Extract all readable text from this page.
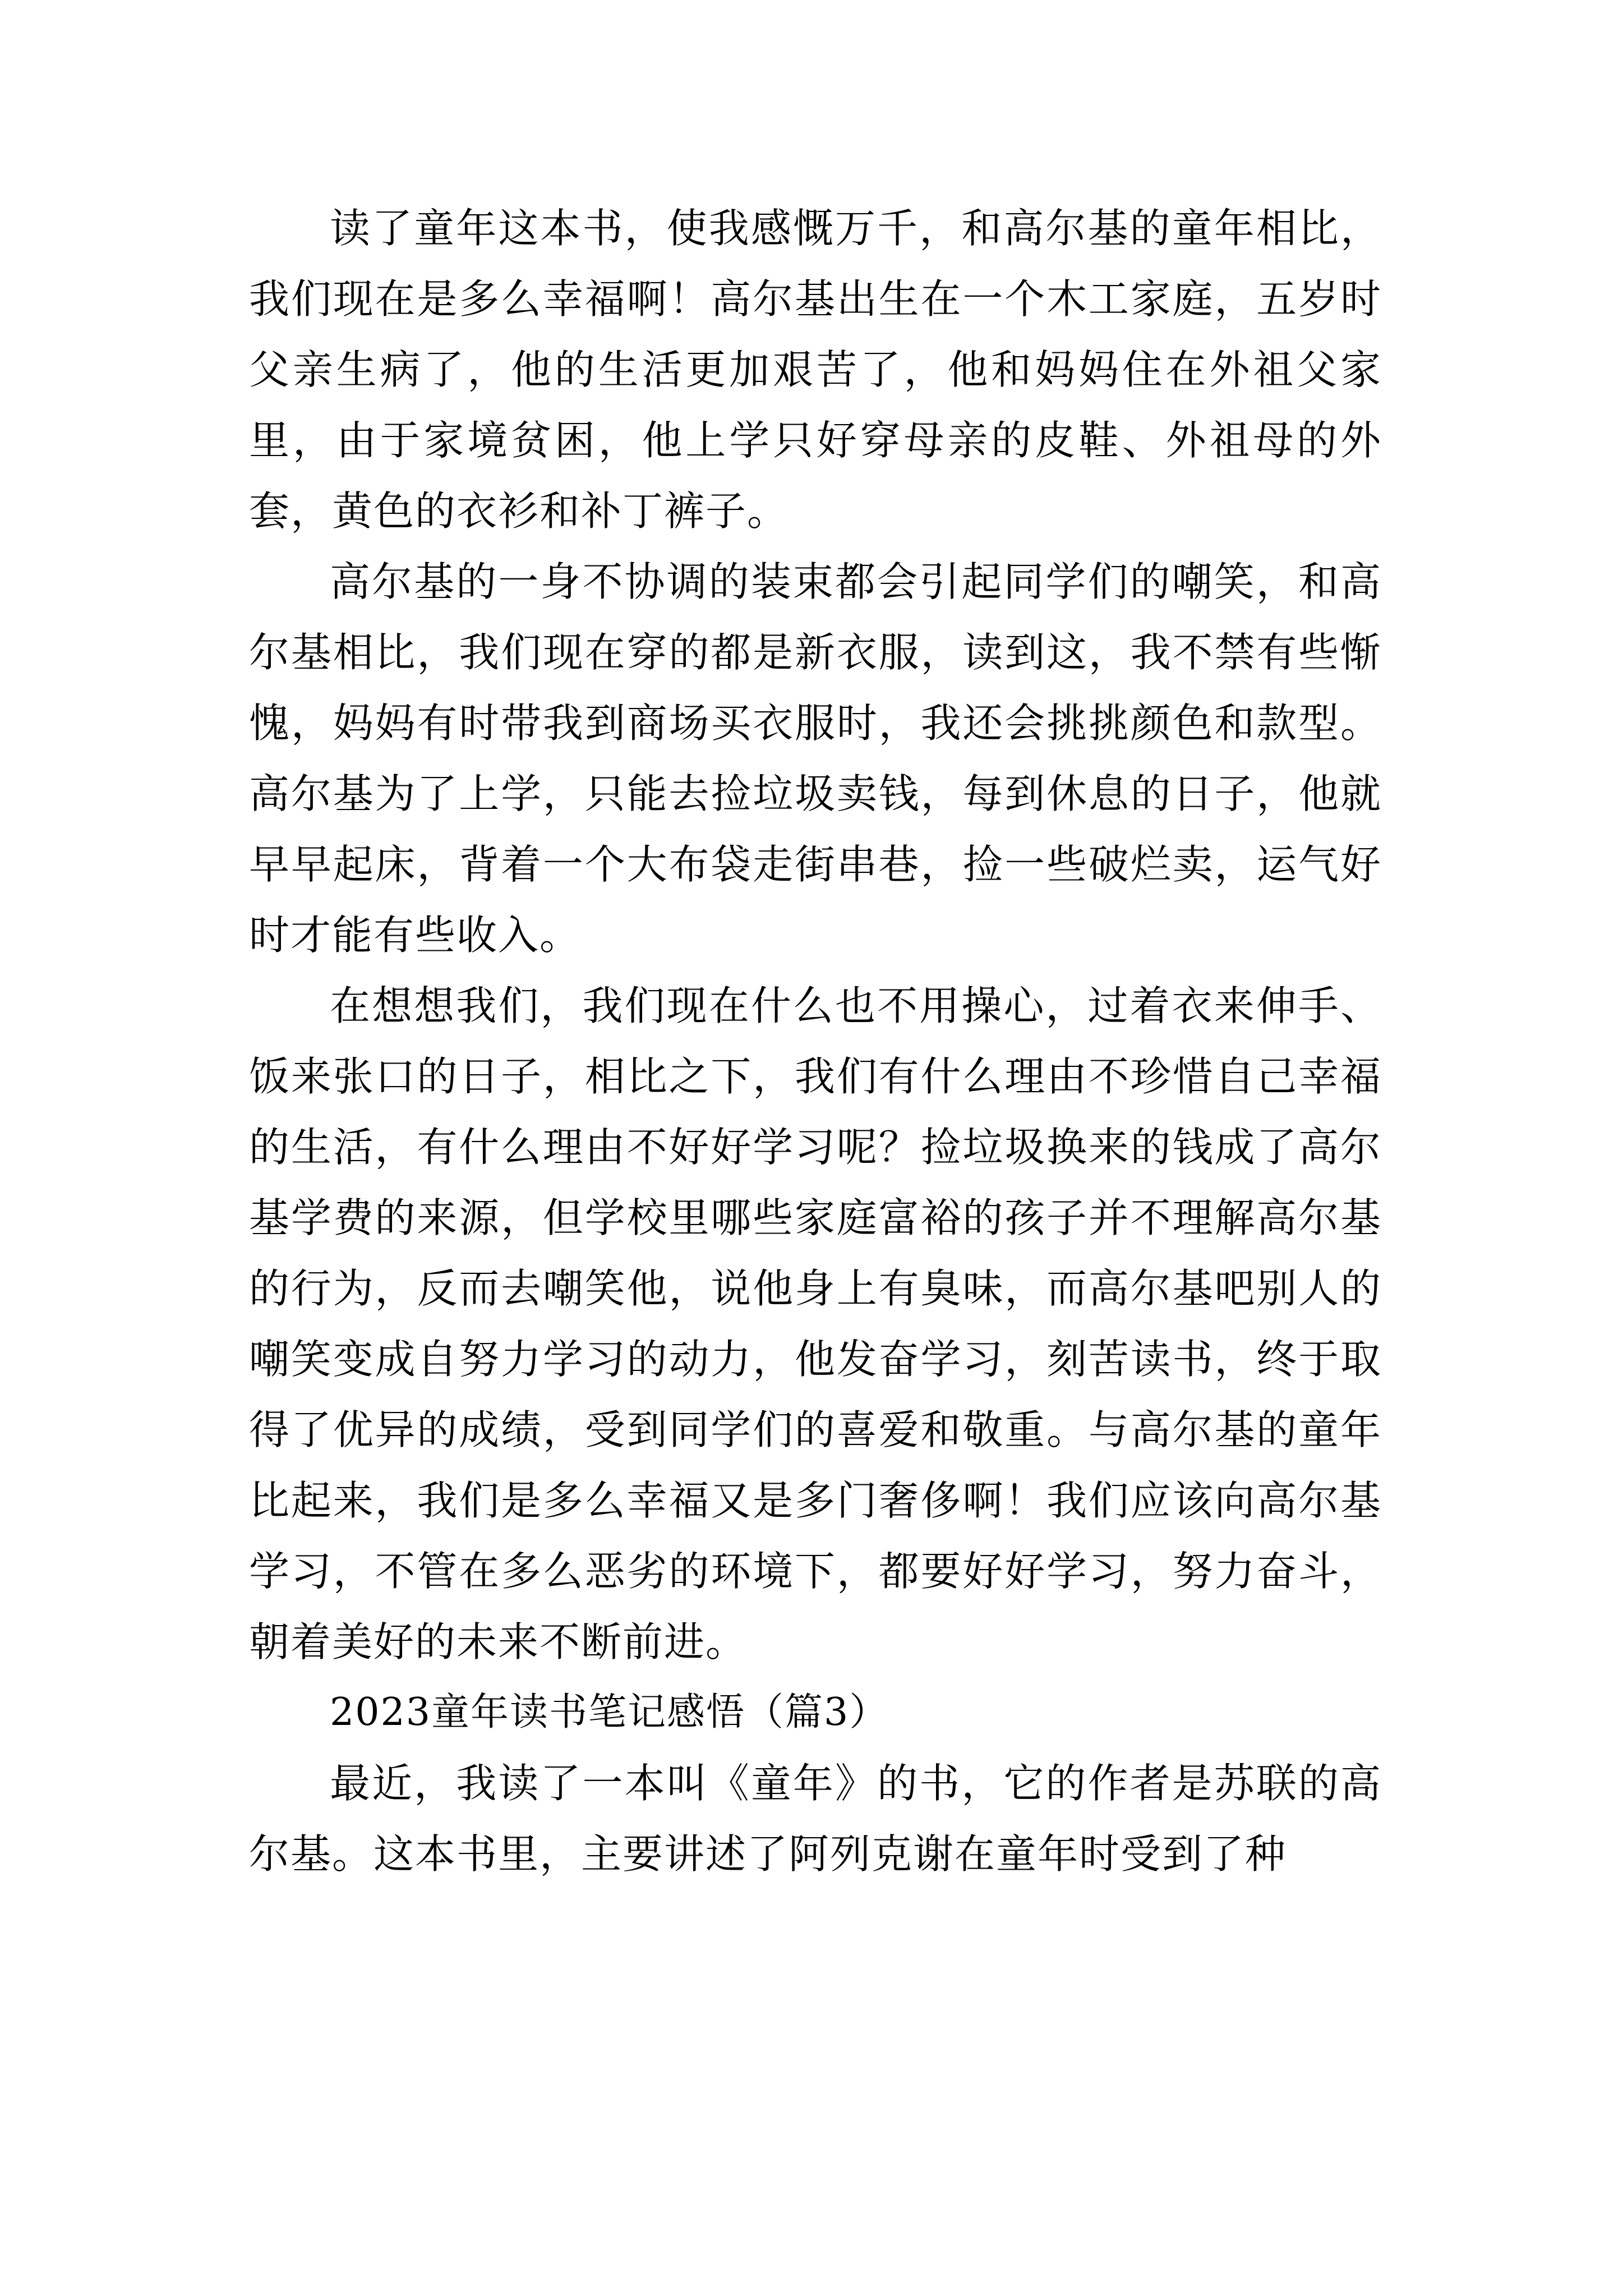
读了童年这本书，使我感慨万千，和高尔基的童年相比，我们现在是多么幸福啊！高尔基出生在一个木工家庭，五岁时父亲生病了，他的生活更加艰苦了，他和妈妈住在外祖父家里，由于家境贫困，他上学只好穿母亲的皮鞋、外祖母的外套，黄色的衣衫和补丁裤子。

高尔基的一身不协调的装束都会引起同学们的嘲笑，和高尔基相比，我们现在穿的都是新衣服，读到这，我不禁有些惭愧，妈妈有时带我到商场买衣服时，我还会挑挑颜色和款型。高尔基为了上学，只能去捡垃圾卖钱，每到休息的日子，他就早早起床，背着一个大布袋走街串巷，捡一些破烂卖，运气好时才能有些收入。

在想想我们，我们现在什么也不用操心，过着衣来伸手、饭来张口的日子，相比之下，我们有什么理由不珍惜自己幸福的生活，有什么理由不好好学习呢？捡垃圾换来的钱成了高尔基学费的来源，但学校里哪些家庭富裕的孩子并不理解高尔基的行为，反而去嘲笑他，说他身上有臭味，而高尔基吧别人的嘲笑变成自努力学习的动力，他发奋学习，刻苦读书，终于取得了优异的成绩，受到同学们的喜爱和敬重。与高尔基的童年比起来，我们是多么幸福又是多门奢侈啊！我们应该向高尔基学习，不管在多么恶劣的环境下，都要好好学习，努力奋斗，朝着美好的未来不断前进。

2023童年读书笔记感悟（篇3）

最近，我读了一本叫《童年》的书，它的作者是苏联的高尔基。这本书里，主要讲述了阿列克谢在童年时受到了种
